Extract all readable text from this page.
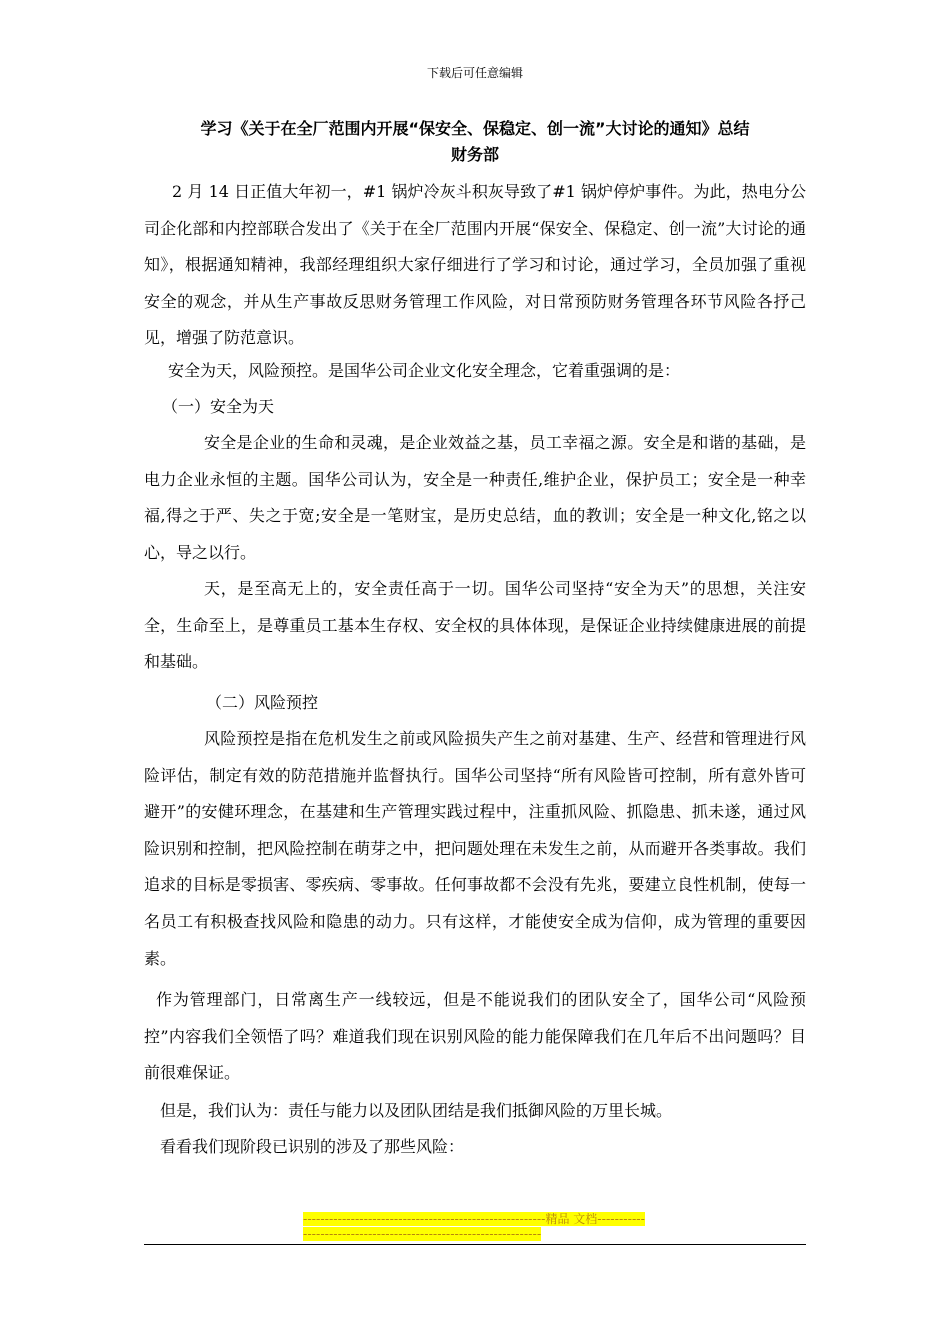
下载后可任意编辑
学习《关于在全厂范围内开展“保安全、保稳定、创一流”大讨论的通知》总结
财务部

2 月 14 日正值大年初一，#1 锅炉冷灰斗积灰导致了#1 锅炉停炉事件。为此，热电分公司企化部和内控部联合发出了《关于在全厂范围内开展“保安全、保稳定、创一流”大讨论的通知》，根据通知精神，我部经理组织大家仔细进行了学习和讨论，通过学习，全员加强了重视安全的观念，并从生产事故反思财务管理工作风险，对日常预防财务管理各环节风险各抒己见，增强了防范意识。

安全为天，风险预控。是国华公司企业文化安全理念，它着重强调的是：

（一）安全为天

安全是企业的生命和灵魂，是企业效益之基，员工幸福之源。安全是和谐的基础，是电力企业永恒的主题。国华公司认为，安全是一种责任,维护企业，保护员工；安全是一种幸福,得之于严、失之于宽;安全是一笔财宝，是历史总结，血的教训；安全是一种文化,铭之以心，导之以行。

天，是至高无上的，安全责任高于一切。国华公司坚持“安全为天”的思想，关注安全，生命至上，是尊重员工基本生存权、安全权的具体体现，是保证企业持续健康进展的前提和基础。

（二）风险预控

风险预控是指在危机发生之前或风险损失产生之前对基建、生产、经营和管理进行风险评估，制定有效的防范措施并监督执行。国华公司坚持“所有风险皆可控制，所有意外皆可避开”的安健环理念，在基建和生产管理实践过程中，注重抓风险、抓隐患、抓未遂，通过风险识别和控制，把风险控制在萌芽之中，把问题处理在未发生之前，从而避开各类事故。我们追求的目标是零损害、零疾病、零事故。任何事故都不会没有先兆，要建立良性机制，使每一名员工有积极查找风险和隐患的动力。只有这样，才能使安全成为信仰，成为管理的重要因素。

作为管理部门，日常离生产一线较远，但是不能说我们的团队安全了，国华公司“风险预控”内容我们全领悟了吗？难道我们现在识别风险的能力能保障我们在几年后不出问题吗？目前很难保证。

但是，我们认为：责任与能力以及团队团结是我们抵御风险的万里长城。

看看我们现阶段已识别的涉及了那些风险：

--------------------------------------------------------精品 文档------------------------------------------------------------------
